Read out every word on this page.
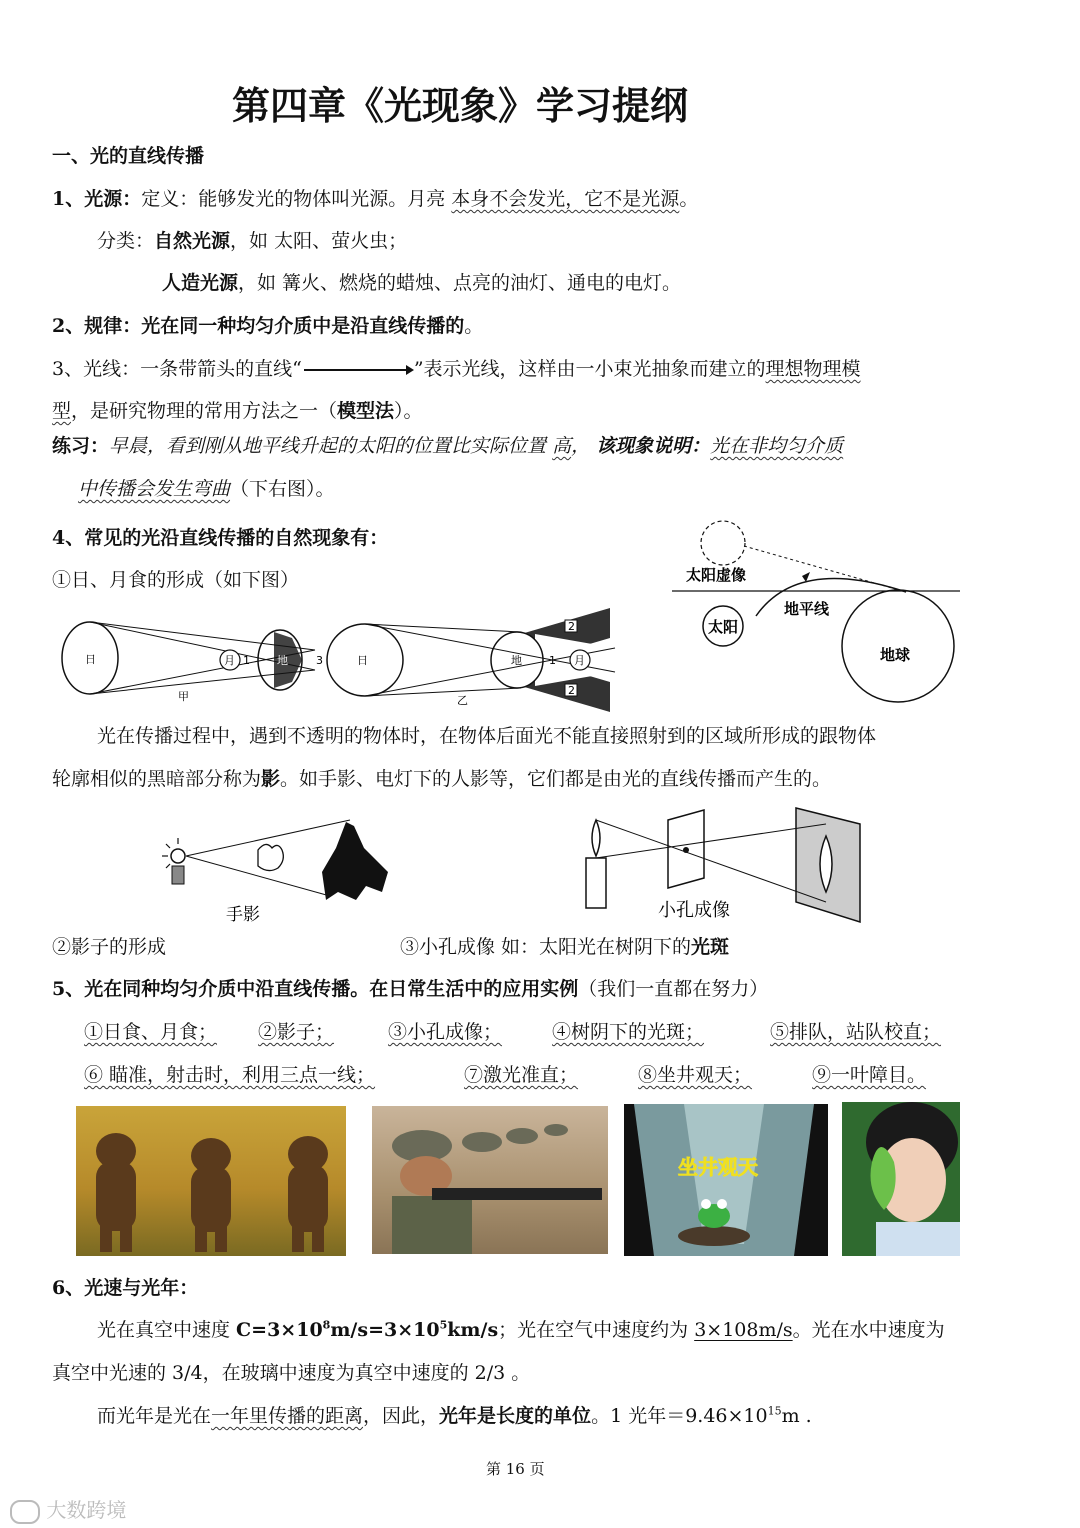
第四章《光现象》学习提纲
一、光的直线传播
1、光源：定义：能够发光的物体叫光源。月亮 本身不会发光，它不是光源。
分类：自然光源，如 太阳、萤火虫；
人造光源，如 篝火、燃烧的蜡烛、点亮的油灯、通电的电灯。
2、规律：光在同一种均匀介质中是沿直线传播的。
3、光线：一条带箭头的直线“	”表示光线，这样由一小束光抽象而建立的理想物理模
型，是研究物理的常用方法之一（模型法）。
练习：早晨，看到刚从地平线升起的太阳的位置比实际位置 高， 该现象说明：光在非均匀介质
中传播会发生弯曲（下右图）。
4、常见的光沿直线传播的自然现象有：
①日、月食的形成（如下图）
日	月 1 地	3
甲
日	地 1 月
2
2
乙
太阳虚像
太阳
地平线
地球
光在传播过程中，遇到不透明的物体时，在物体后面光不能直接照射到的区域所形成的跟物体
轮廓相似的黑暗部分称为影。如手影、电灯下的人影等，它们都是由光的直线传播而产生的。
手影	小孔成像
②影子的形成	③小孔成像 如：太阳光在树阴下的光斑
5、光在同种均匀介质中沿直线传播。在日常生活中的应用实例（我们一直都在努力）
①日食、月食； ②影子；	③小孔成像；	④树阴下的光斑；	⑤排队，站队校直；
⑥ 瞄准，射击时，利用三点一线；	⑦激光准直；	⑧坐井观天；	⑨一叶障目。
坐井观天
6、光速与光年：
光在真空中速度 $C=3\times 10^8m/s=3\times 10^5km/s$；光在空气中速度约为 3×108m/s。光在水中速度为
真空中光速的 3/4，在玻璃中速度为真空中速度的 2/3 。
而光年是光在一年里传播的距离，因此，光年是长度的单位。1 光年$=9.46\times 10^{15}m$ .
第 16 页
大数跨境
